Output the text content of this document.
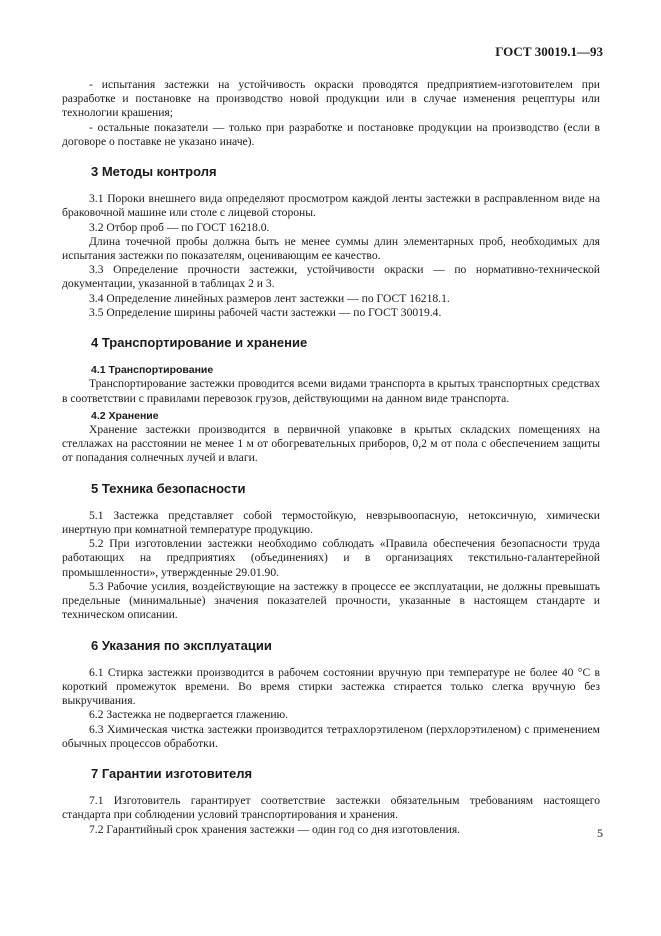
ГОСТ 30019.1—93

- испытания застежки на устойчивость окраски проводятся предприятием-изготовителем при разработке и постановке на производство новой продукции или в случае изменения рецептуры или технологии крашения;

- остальные показатели — только при разработке и постановке продукции на производство (если в договоре о поставке не указано иначе).

3 Методы контроля

3.1 Пороки внешнего вида определяют просмотром каждой ленты застежки в расправленном виде на браковочной машине или столе с лицевой стороны.

3.2 Отбор проб — по ГОСТ 16218.0.

Длина точечной пробы должна быть не менее суммы длин элементарных проб, необходимых для испытания застежки по показателям, оценивающим ее качество.

3.3 Определение прочности застежки, устойчивости окраски — по нормативно-технической документации, указанной в таблицах 2 и 3.

3.4 Определение линейных размеров лент застежки — по ГОСТ 16218.1.

3.5 Определение ширины рабочей части застежки — по ГОСТ 30019.4.

4 Транспортирование и хранение
4.1 Транспортирование

Транспортирование застежки проводится всеми видами транспорта в крытых транспортных средствах в соответствии с правилами перевозок грузов, действующими на данном виде транспорта.

4.2 Хранение

Хранение застежки производится в первичной упаковке в крытых складских помещениях на стеллажах на расстоянии не менее 1 м от обогревательных приборов, 0,2 м от пола с обеспечением защиты от попадания солнечных лучей и влаги.

5 Техника безопасности

5.1 Застежка представляет собой термостойкую, невзрывоопасную, нетоксичную, химически инертную при комнатной температуре продукцию.

5.2 При изготовлении застежки необходимо соблюдать «Правила обеспечения безопасности труда работающих на предприятиях (объединениях) и в организациях текстильно-галантерейной промышленности», утвержденные 29.01.90.

5.3 Рабочие усилия, воздействующие на застежку в процессе ее эксплуатации, не должны превышать предельные (минимальные) значения показателей прочности, указанные в настоящем стандарте и техническом описании.

6 Указания по эксплуатации

6.1 Стирка застежки производится в рабочем состоянии вручную при температуре не более 40 °С в короткий промежуток времени. Во время стирки застежка стирается только слегка вручную без выкручивания.

6.2 Застежка не подвергается глажению.

6.3 Химическая чистка застежки производится тетрахлорэтиленом (перхлорэтиленом) с применением обычных процессов обработки.

7 Гарантии изготовителя

7.1 Изготовитель гарантирует соответствие застежки обязательным требованиям настоящего стандарта при соблюдении условий транспортирования и хранения.

7.2 Гарантийный срок хранения застежки — один год со дня изготовления.	5
